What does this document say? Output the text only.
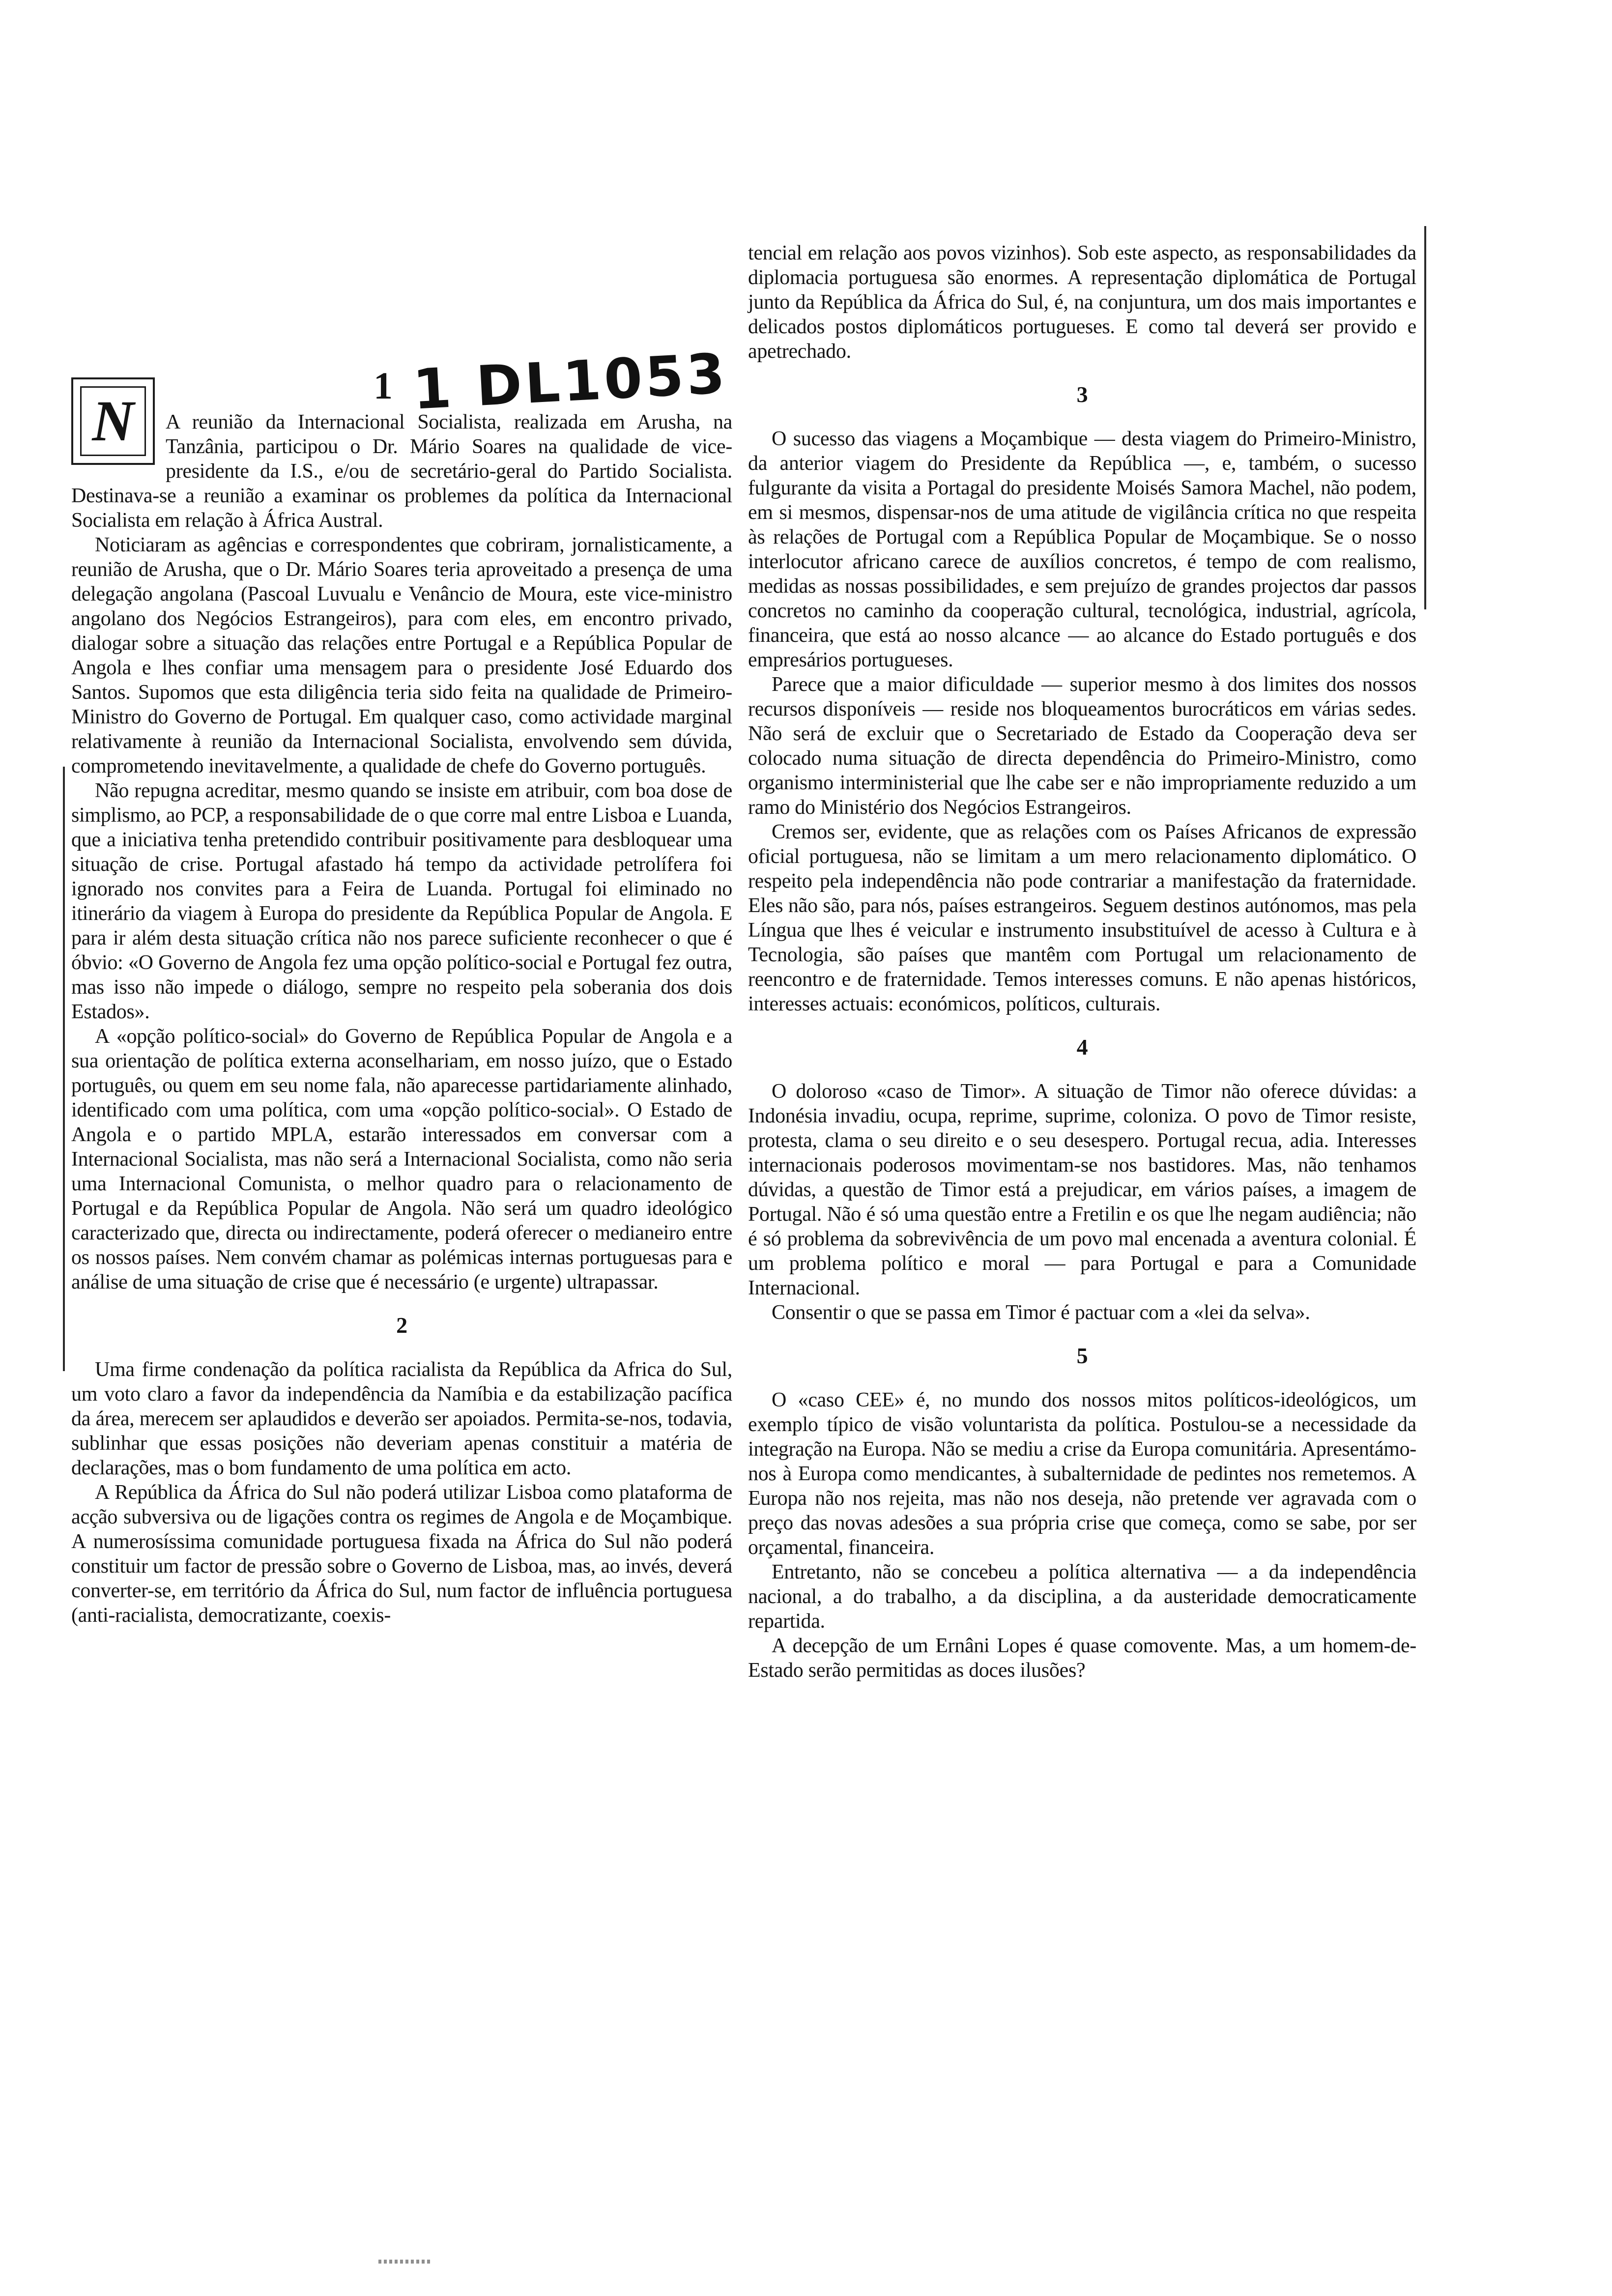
1 1 DL1053
N	A reunião da Internacional Socialista, realizada em Arusha, na Tanzânia, participou o Dr. Mário Soares na qualidade de vice-presidente da I.S., e/ou de secretário-geral do Partido Socialista. Destinava-se a reunião a examinar os problemes da política da Internacional Socialista em relação à África Austral.

Noticiaram as agências e correspondentes que cobriram, jornalisticamente, a reunião de Arusha, que o Dr. Mário Soares teria aproveitado a presença de uma delegação angolana (Pascoal Luvualu e Venâncio de Moura, este vice-ministro angolano dos Negócios Estrangeiros), para com eles, em encontro privado, dialogar sobre a situação das relações entre Portugal e a República Popular de Angola e lhes confiar uma mensagem para o presidente José Eduardo dos Santos. Supomos que esta diligência teria sido feita na qualidade de Primeiro-Ministro do Governo de Portugal. Em qualquer caso, como actividade marginal relativamente à reunião da Internacional Socialista, envolvendo sem dúvida, comprometendo inevitavelmente, a qualidade de chefe do Governo português.

Não repugna acreditar, mesmo quando se insiste em atribuir, com boa dose de simplismo, ao PCP, a responsabilidade de o que corre mal entre Lisboa e Luanda, que a iniciativa tenha pretendido contribuir positivamente para desbloquear uma situação de crise. Portugal afastado há tempo da actividade petrolífera foi ignorado nos convites para a Feira de Luanda. Portugal foi eliminado no itinerário da viagem à Europa do presidente da República Popular de Angola. E para ir além desta situação crítica não nos parece suficiente reconhecer o que é óbvio: «O Governo de Angola fez uma opção político-social e Portugal fez outra, mas isso não impede o diálogo, sempre no respeito pela soberania dos dois Estados».

A «opção político-social» do Governo de República Popular de Angola e a sua orientação de política externa aconselhariam, em nosso juízo, que o Estado português, ou quem em seu nome fala, não aparecesse partidariamente alinhado, identificado com uma política, com uma «opção político-social». O Estado de Angola e o partido MPLA, estarão interessados em conversar com a Internacional Socialista, mas não será a Internacional Socialista, como não seria uma Internacional Comunista, o melhor quadro para o relacionamento de Portugal e da República Popular de Angola. Não será um quadro ideológico caracterizado que, directa ou indirectamente, poderá oferecer o medianeiro entre os nossos países. Nem convém chamar as polémicas internas portuguesas para e análise de uma situação de crise que é necessário (e urgente) ultrapassar.

2

Uma firme condenação da política racialista da República da Africa do Sul, um voto claro a favor da independência da Namíbia e da estabilização pacífica da área, merecem ser aplaudidos e deverão ser apoiados. Permita-se-nos, todavia, sublinhar que essas posições não deveriam apenas constituir a matéria de declarações, mas o bom fundamento de uma política em acto.

A República da África do Sul não poderá utilizar Lisboa como plataforma de acção subversiva ou de ligações contra os regimes de Angola e de Moçambique. A numerosíssima comunidade portuguesa fixada na África do Sul não poderá constituir um factor de pressão sobre o Governo de Lisboa, mas, ao invés, deverá converter-se, em território da África do Sul, num factor de influência portuguesa (anti-racialista, democratizante, coexis-

tencial em relação aos povos vizinhos). Sob este aspecto, as responsabilidades da diplomacia portuguesa são enormes. A representação diplomática de Portugal junto da República da África do Sul, é, na conjuntura, um dos mais importantes e delicados postos diplomáticos portugueses. E como tal deverá ser provido e apetrechado.

3

O sucesso das viagens a Moçambique — desta viagem do Primeiro-Ministro, da anterior viagem do Presidente da República —, e, também, o sucesso fulgurante da visita a Portagal do presidente Moisés Samora Machel, não podem, em si mesmos, dispensar-nos de uma atitude de vigilância crítica no que respeita às relações de Portugal com a República Popular de Moçambique. Se o nosso interlocutor africano carece de auxílios concretos, é tempo de com realismo, medidas as nossas possibilidades, e sem prejuízo de grandes projectos dar passos concretos no caminho da cooperação cultural, tecnológica, industrial, agrícola, financeira, que está ao nosso alcance — ao alcance do Estado português e dos empresários portugueses.

Parece que a maior dificuldade — superior mesmo à dos limites dos nossos recursos disponíveis — reside nos bloqueamentos burocráticos em várias sedes. Não será de excluir que o Secretariado de Estado da Cooperação deva ser colocado numa situação de directa dependência do Primeiro-Ministro, como organismo interministerial que lhe cabe ser e não impropriamente reduzido a um ramo do Ministério dos Negócios Estrangeiros.

Cremos ser, evidente, que as relações com os Países Africanos de expressão oficial portuguesa, não se limitam a um mero relacionamento diplomático. O respeito pela independência não pode contrariar a manifestação da fraternidade. Eles não são, para nós, países estrangeiros. Seguem destinos autónomos, mas pela Língua que lhes é veicular e instrumento insubstituível de acesso à Cultura e à Tecnologia, são países que mantêm com Portugal um relacionamento de reencontro e de fraternidade. Temos interesses comuns. E não apenas históricos, interesses actuais: económicos, políticos, culturais.

4

O doloroso «caso de Timor». A situação de Timor não oferece dúvidas: a Indonésia invadiu, ocupa, reprime, suprime, coloniza. O povo de Timor resiste, protesta, clama o seu direito e o seu desespero. Portugal recua, adia. Interesses internacionais poderosos movimentam-se nos bastidores. Mas, não tenhamos dúvidas, a questão de Timor está a prejudicar, em vários países, a imagem de Portugal. Não é só uma questão entre a Fretilin e os que lhe negam audiência; não é só problema da sobrevivência de um povo mal encenada a aventura colonial. É um problema político e moral — para Portugal e para a Comunidade Internacional.

Consentir o que se passa em Timor é pactuar com a «lei da selva».

5

O «caso CEE» é, no mundo dos nossos mitos políticos-ideológicos, um exemplo típico de visão voluntarista da política. Postulou-se a necessidade da integração na Europa. Não se mediu a crise da Europa comunitária. Apresentámo-nos à Europa como mendicantes, à subalternidade de pedintes nos remetemos. A Europa não nos rejeita, mas não nos deseja, não pretende ver agravada com o preço das novas adesões a sua própria crise que começa, como se sabe, por ser orçamental, financeira.

Entretanto, não se concebeu a política alternativa — a da independência nacional, a do trabalho, a da disciplina, a da austeridade democraticamente repartida.

A decepção de um Ernâni Lopes é quase comovente. Mas, a um homem-de-Estado serão permitidas as doces ilusões?
